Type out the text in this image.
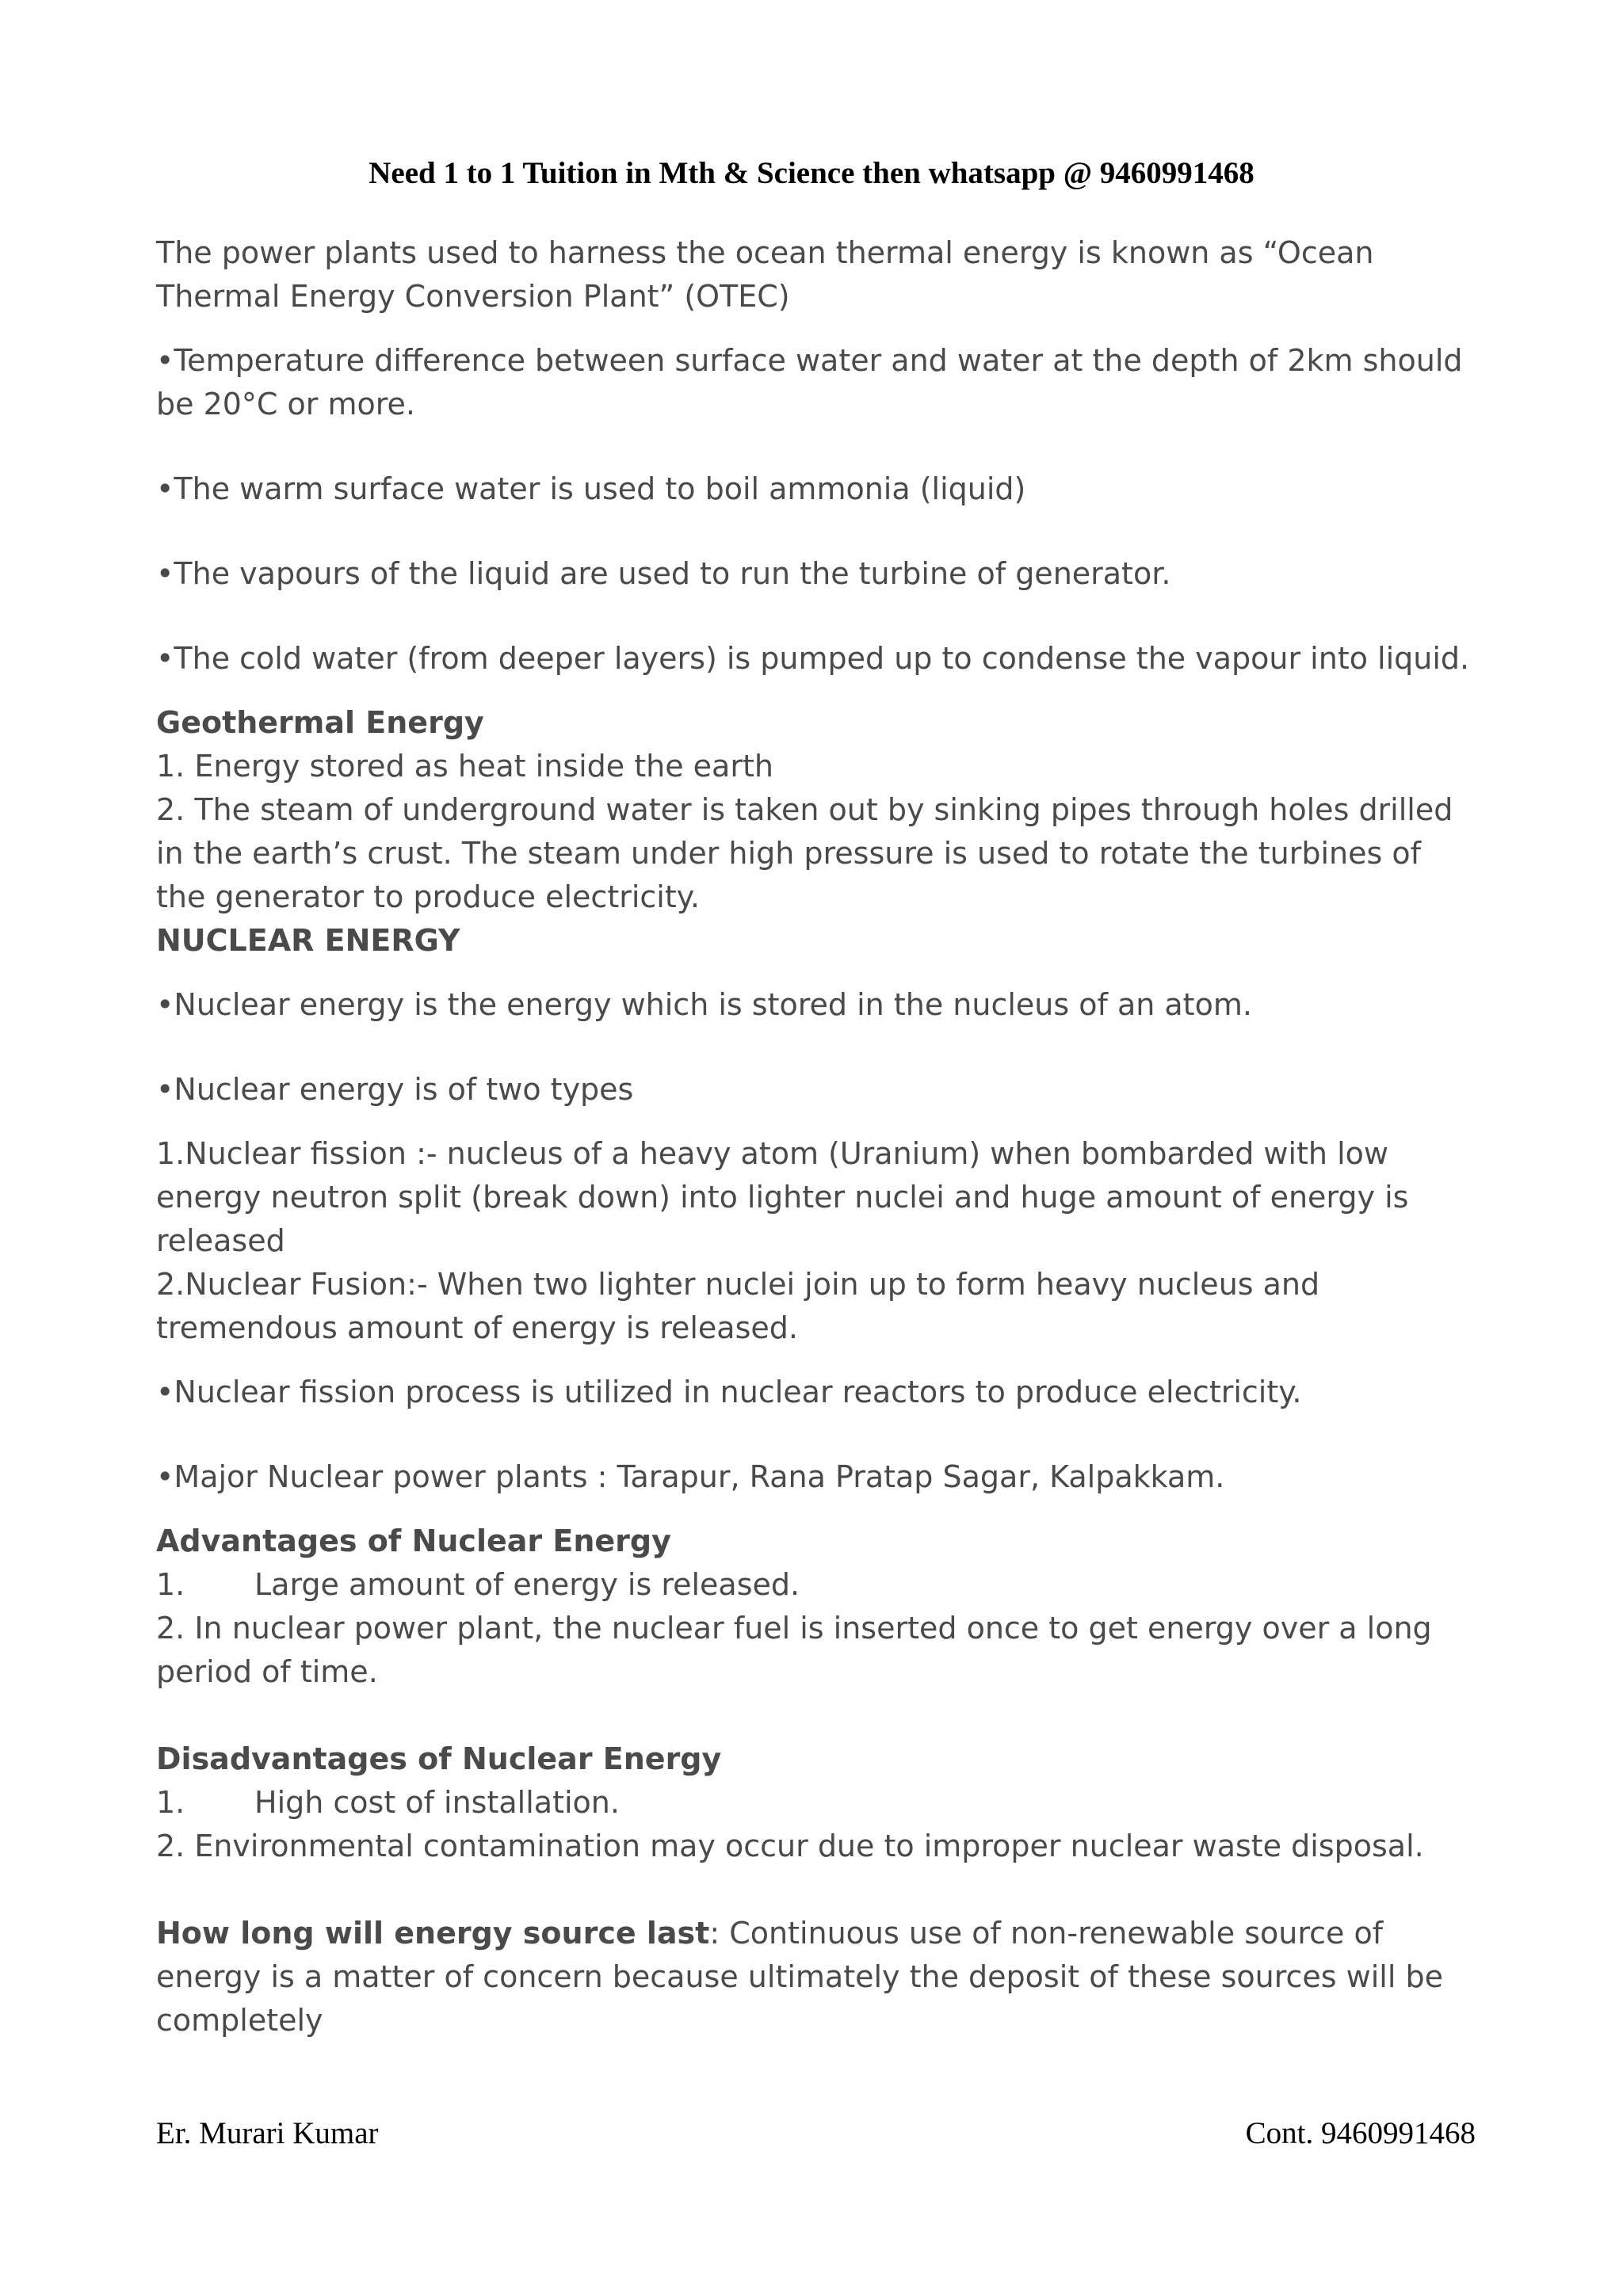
Need 1 to 1 Tuition in Mth & Science then whatsapp @ 9460991468

The power plants used to harness the ocean thermal energy is known as “Ocean Thermal Energy Conversion Plant” (OTEC)

•Temperature difference between surface water and water at the depth of 2km should be 20°C or more.

•The warm surface water is used to boil ammonia (liquid)

•The vapours of the liquid are used to run the turbine of generator.

•The cold water (from deeper layers) is pumped up to condense the vapour into liquid.

Geothermal Energy

1. Energy stored as heat inside the earth

2. The steam of underground water is taken out by sinking pipes through holes drilled in the earth’s crust. The steam under high pressure is used to rotate the turbines of the generator to produce electricity.

NUCLEAR ENERGY

•Nuclear energy is the energy which is stored in the nucleus of an atom.

•Nuclear energy is of two types

1.Nuclear fission :- nucleus of a heavy atom (Uranium) when bombarded with low energy neutron split (break down) into lighter nuclei and huge amount of energy is released

2.Nuclear Fusion:- When two lighter nuclei join up to form heavy nucleus and tremendous amount of energy is released.

•Nuclear fission process is utilized in nuclear reactors to produce electricity.

•Major Nuclear power plants : Tarapur, Rana Pratap Sagar, Kalpakkam.

Advantages of Nuclear Energy

1. Large amount of energy is released.

2. In nuclear power plant, the nuclear fuel is inserted once to get energy over a long period of time.

Disadvantages of Nuclear Energy

1. High cost of installation.

2. Environmental contamination may occur due to improper nuclear waste disposal.

How long will energy source last: Continuous use of non-renewable source of energy is a matter of concern because ultimately the deposit of these sources will be completely

Er. Murari Kumar	Cont. 9460991468
